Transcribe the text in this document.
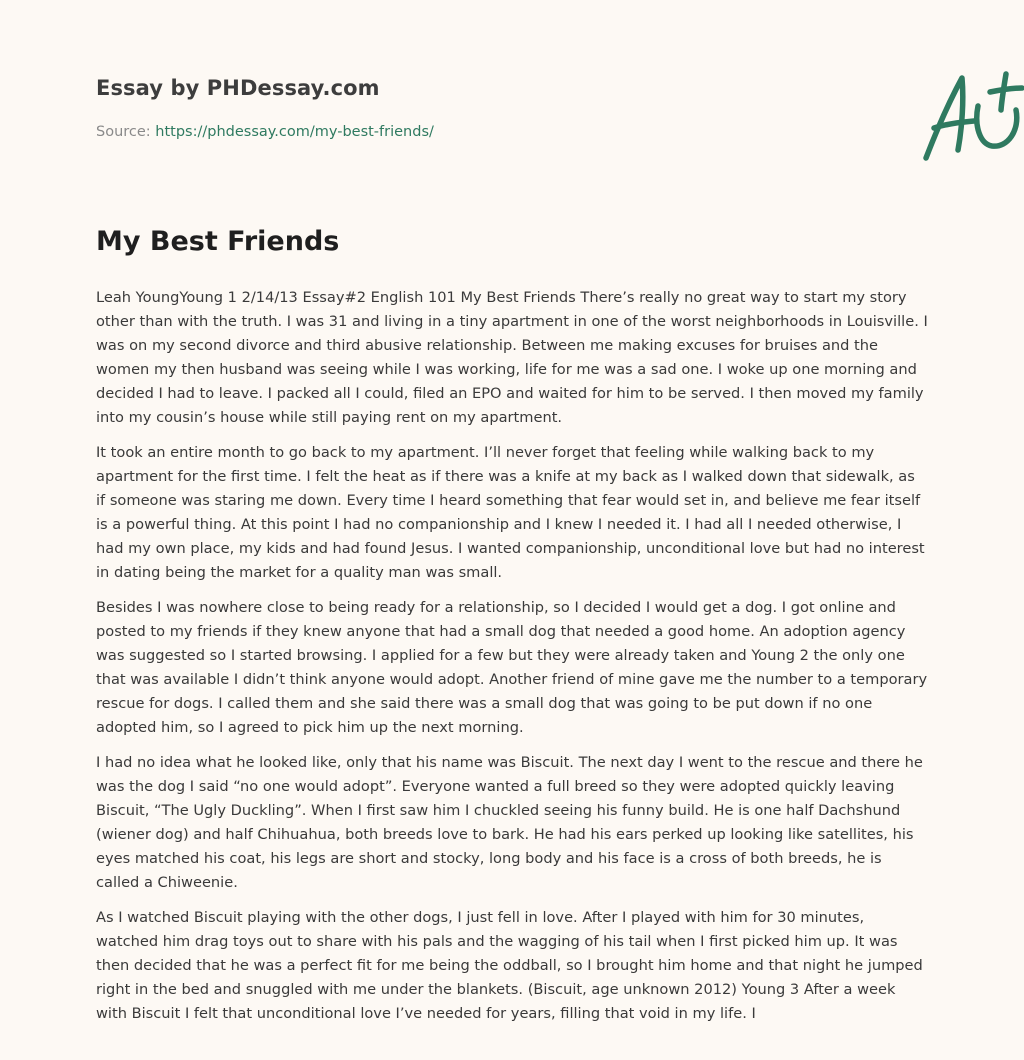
Essay by PHDessay.com
Source: https://phdessay.com/my-best-friends/
My Best Friends

Leah YoungYoung 1 2/14/13 Essay#2 English 101 My Best Friends There’s really no great way to start my story other than with the truth. I was 31 and living in a tiny apartment in one of the worst neighborhoods in Louisville. I was on my second divorce and third abusive relationship. Between me making excuses for bruises and the women my then husband was seeing while I was working, life for me was a sad one. I woke up one morning and decided I had to leave. I packed all I could, filed an EPO and waited for him to be served. I then moved my family into my cousin’s house while still paying rent on my apartment.

It took an entire month to go back to my apartment. I’ll never forget that feeling while walking back to my apartment for the first time. I felt the heat as if there was a knife at my back as I walked down that sidewalk, as if someone was staring me down. Every time I heard something that fear would set in, and believe me fear itself is a powerful thing. At this point I had no companionship and I knew I needed it. I had all I needed otherwise, I had my own place, my kids and had found Jesus. I wanted companionship, unconditional love but had no interest in dating being the market for a quality man was small.

Besides I was nowhere close to being ready for a relationship, so I decided I would get a dog. I got online and posted to my friends if they knew anyone that had a small dog that needed a good home. An adoption agency was suggested so I started browsing. I applied for a few but they were already taken and Young 2 the only one that was available I didn’t think anyone would adopt. Another friend of mine gave me the number to a temporary rescue for dogs. I called them and she said there was a small dog that was going to be put down if no one adopted him, so I agreed to pick him up the next morning.

I had no idea what he looked like, only that his name was Biscuit. The next day I went to the rescue and there he was the dog I said “no one would adopt”. Everyone wanted a full breed so they were adopted quickly leaving Biscuit, “The Ugly Duckling”. When I first saw him I chuckled seeing his funny build. He is one half Dachshund (wiener dog) and half Chihuahua, both breeds love to bark. He had his ears perked up looking like satellites, his eyes matched his coat, his legs are short and stocky, long body and his face is a cross of both breeds, he is called a Chiweenie.

As I watched Biscuit playing with the other dogs, I just fell in love. After I played with him for 30 minutes, watched him drag toys out to share with his pals and the wagging of his tail when I first picked him up. It was then decided that he was a perfect fit for me being the oddball, so I brought him home and that night he jumped right in the bed and snuggled with me under the blankets. (Biscuit, age unknown 2012) Young 3 After a week with Biscuit I felt that unconditional love I’ve needed for years, filling that void in my life. I
